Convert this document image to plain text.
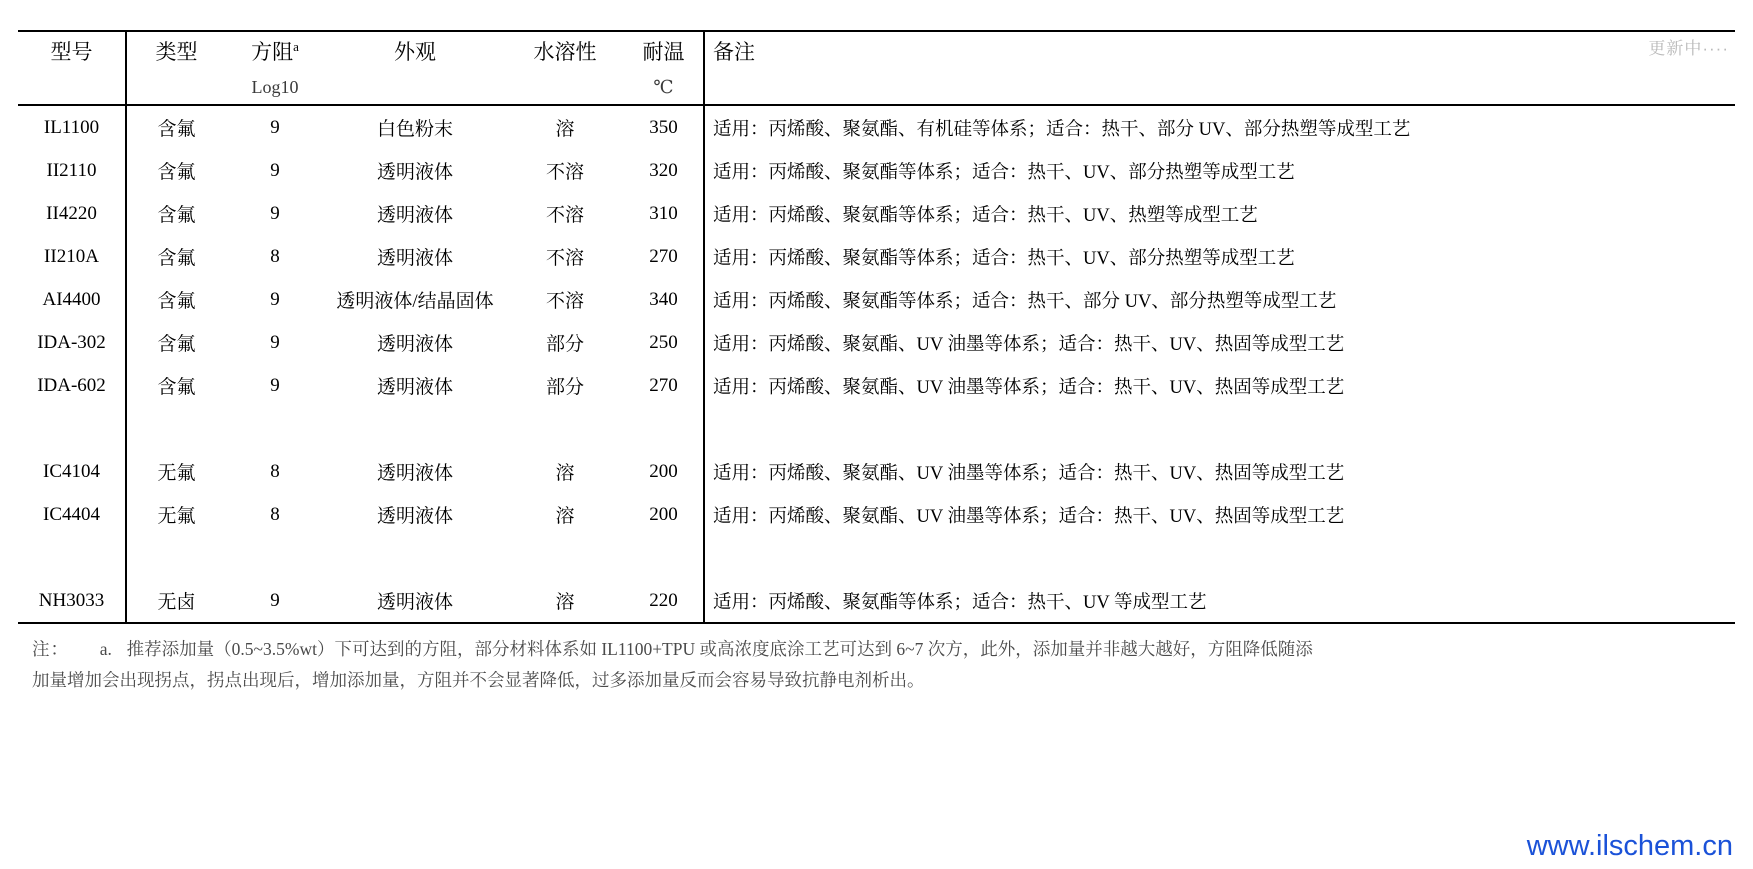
更新中····
型号	类型	方阻$^a$	外观	水溶性	耐温	备注
		Log10			℃	
IL1100	含氟	9	白色粉末	溶	350	适用：丙烯酸、聚氨酯、有机硅等体系；适合：热干、部分 UV、部分热塑等成型工艺
II2110	含氟	9	透明液体	不溶	320	适用：丙烯酸、聚氨酯等体系；适合：热干、UV、部分热塑等成型工艺
II4220	含氟	9	透明液体	不溶	310	适用：丙烯酸、聚氨酯等体系；适合：热干、UV、热塑等成型工艺
II210A	含氟	8	透明液体	不溶	270	适用：丙烯酸、聚氨酯等体系；适合：热干、UV、部分热塑等成型工艺
AI4400	含氟	9	透明液体/结晶固体	不溶	340	适用：丙烯酸、聚氨酯等体系；适合：热干、部分 UV、部分热塑等成型工艺
IDA-302	含氟	9	透明液体	部分	250	适用：丙烯酸、聚氨酯、UV 油墨等体系；适合：热干、UV、热固等成型工艺
IDA-602	含氟	9	透明液体	部分	270	适用：丙烯酸、聚氨酯、UV 油墨等体系；适合：热干、UV、热固等成型工艺

IC4104	无氟	8	透明液体	溶	200	适用：丙烯酸、聚氨酯、UV 油墨等体系；适合：热干、UV、热固等成型工艺
IC4404	无氟	8	透明液体	溶	200	适用：丙烯酸、聚氨酯、UV 油墨等体系；适合：热干、UV、热固等成型工艺

NH3033	无卤	9	透明液体	溶	220	适用：丙烯酸、聚氨酯等体系；适合：热干、UV 等成型工艺
注： a. 推荐添加量（0.5~3.5%wt）下可达到的方阻，部分材料体系如 IL1100+TPU 或高浓度底涂工艺可达到 6~7 次方，此外，添加量并非越大越好，方阻降低随添
加量增加会出现拐点，拐点出现后，增加添加量，方阻并不会显著降低，过多添加量反而会容易导致抗静电剂析出。
www.ilschem.cn
